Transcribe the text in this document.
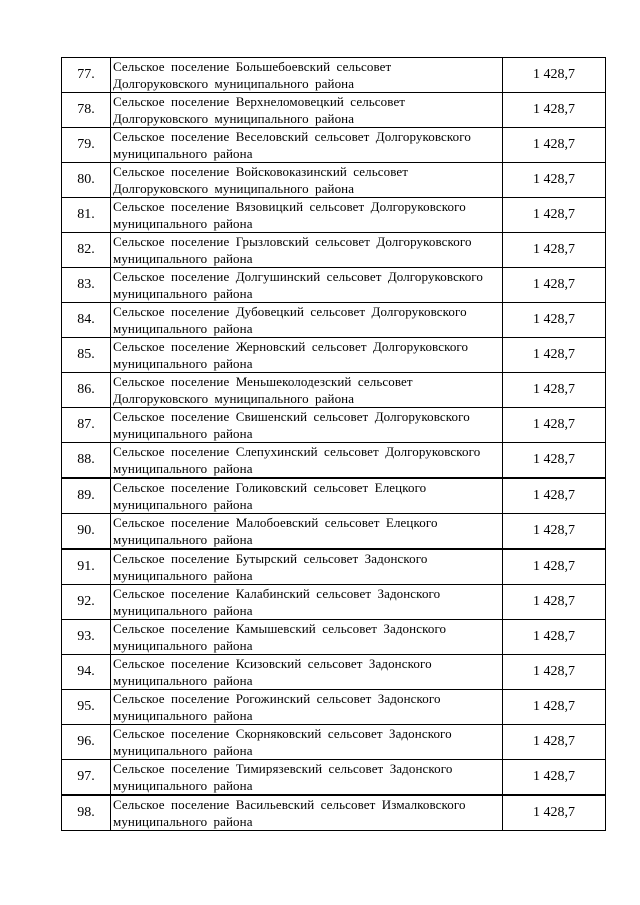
77.	Сельское поселение Большебоевский сельсовет
Долгоруковского муниципального района	1 428,7
78.	Сельское поселение Верхнеломовецкий сельсовет
Долгоруковского муниципального района	1 428,7
79.	Сельское поселение Веселовский сельсовет Долгоруковского
муниципального района	1 428,7
80.	Сельское поселение Войсковоказинский сельсовет
Долгоруковского муниципального района	1 428,7
81.	Сельское поселение Вязовицкий сельсовет Долгоруковского
муниципального района	1 428,7
82.	Сельское поселение Грызловский сельсовет Долгоруковского
муниципального района	1 428,7
83.	Сельское поселение Долгушинский сельсовет Долгоруковского
муниципального района	1 428,7
84.	Сельское поселение Дубовецкий сельсовет Долгоруковского
муниципального района	1 428,7
85.	Сельское поселение Жерновский сельсовет Долгоруковского
муниципального района	1 428,7
86.	Сельское поселение Меньшеколодезский сельсовет
Долгоруковского муниципального района	1 428,7
87.	Сельское поселение Свишенский сельсовет Долгоруковского
муниципального района	1 428,7
88.	Сельское поселение Слепухинский сельсовет Долгоруковского
муниципального района	1 428,7
89.	Сельское поселение Голиковский сельсовет Елецкого
муниципального района	1 428,7
90.	Сельское поселение Малобоевский сельсовет Елецкого
муниципального района	1 428,7
91.	Сельское поселение Бутырский сельсовет Задонского
муниципального района	1 428,7
92.	Сельское поселение Калабинский сельсовет Задонского
муниципального района	1 428,7
93.	Сельское поселение Камышевский сельсовет Задонского
муниципального района	1 428,7
94.	Сельское поселение Ксизовский сельсовет Задонского
муниципального района	1 428,7
95.	Сельское поселение Рогожинский сельсовет Задонского
муниципального района	1 428,7
96.	Сельское поселение Скорняковский сельсовет Задонского
муниципального района	1 428,7
97.	Сельское поселение Тимирязевский сельсовет Задонского
муниципального района	1 428,7
98.	Сельское поселение Васильевский сельсовет Измалковского
муниципального района	1 428,7
